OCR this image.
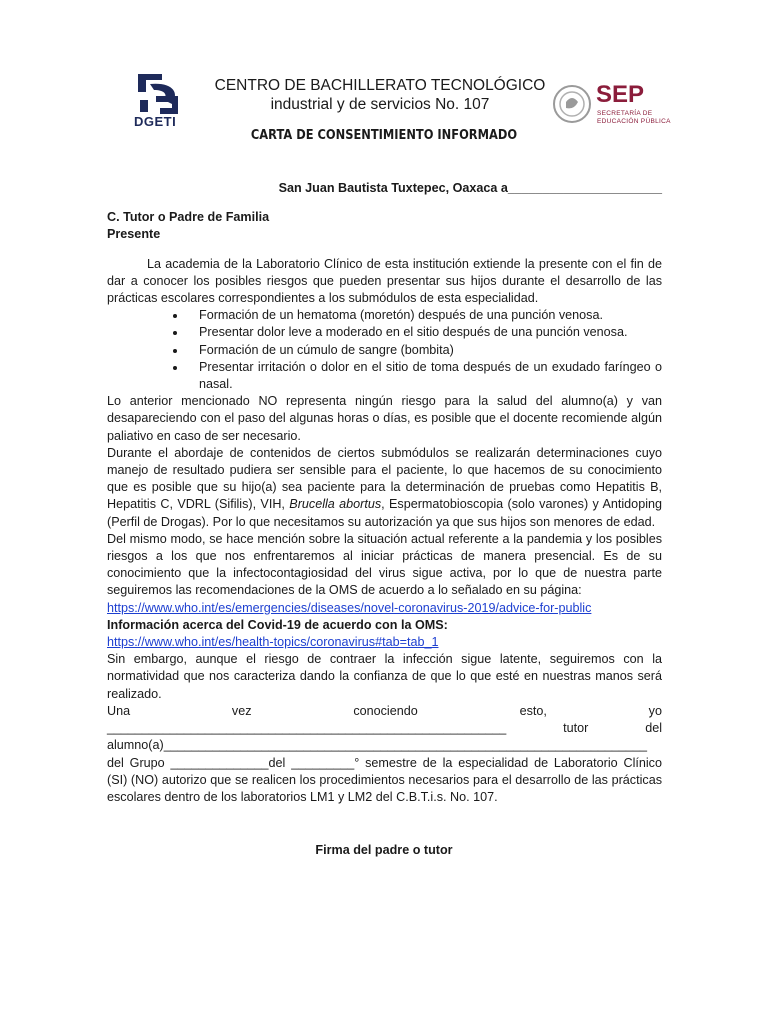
DGETI
CENTRO DE BACHILLERATO TECNOLÓGICO
industrial y de servicios No. 107	SEP
SECRETARÍA DE
EDUCACIÓN PÚBLICA
CARTA DE CONSENTIMIENTO INFORMADO

San Juan Bautista Tuxtepec, Oaxaca a______________________

C. Tutor o Padre de Familia

Presente

La academia de la Laboratorio Clínico de esta institución extiende la presente con el fin de dar a conocer los posibles riesgos que pueden presentar sus hijos durante el desarrollo de las prácticas escolares correspondientes a los submódulos de esta especialidad.

• Formación de un hematoma (moretón) después de una punción venosa.
• Presentar dolor leve a moderado en el sitio después de una punción venosa.
• Formación de un cúmulo de sangre (bombita)
• Presentar irritación o dolor en el sitio de toma después de un exudado faríngeo o nasal.

Lo anterior mencionado NO representa ningún riesgo para la salud del alumno(a) y van desapareciendo con el paso del algunas horas o días, es posible que el docente recomiende algún paliativo en caso de ser necesario.

Durante el abordaje de contenidos de ciertos submódulos se realizarán determinaciones cuyo manejo de resultado pudiera ser sensible para el paciente, lo que hacemos de su conocimiento que es posible que su hijo(a) sea paciente para la determinación de pruebas como Hepatitis B, Hepatitis C, VDRL (Sifilis), VIH, Brucella abortus, Espermatobioscopia (solo varones) y Antidoping (Perfil de Drogas). Por lo que necesitamos su autorización ya que sus hijos son menores de edad.

Del mismo modo, se hace mención sobre la situación actual referente a la pandemia y los posibles riesgos a los que nos enfrentaremos al iniciar prácticas de manera presencial. Es de su conocimiento que la infectocontagiosidad del virus sigue activa, por lo que de nuestra parte seguiremos las recomendaciones de la OMS de acuerdo a lo señalado en su página:

https://www.who.int/es/emergencies/diseases/novel-coronavirus-2019/advice-for-public

Información acerca del Covid-19 de acuerdo con la OMS:

https://www.who.int/es/health-topics/coronavirus#tab=tab_1

Sin embargo, aunque el riesgo de contraer la infección sigue latente, seguiremos con la normatividad que nos caracteriza dando la confianza de que lo que esté en nuestras manos será realizado.

Una vez conociendo esto, yo _________________________________________________________ tutor del alumno(a)_____________________________________________________________________ del Grupo ______________del _________° semestre de la especialidad de Laboratorio Clínico (SI) (NO) autorizo que se realicen los procedimientos necesarios para el desarrollo de las prácticas escolares dentro de los laboratorios LM1 y LM2 del C.B.T.i.s. No. 107.

Firma del padre o tutor
